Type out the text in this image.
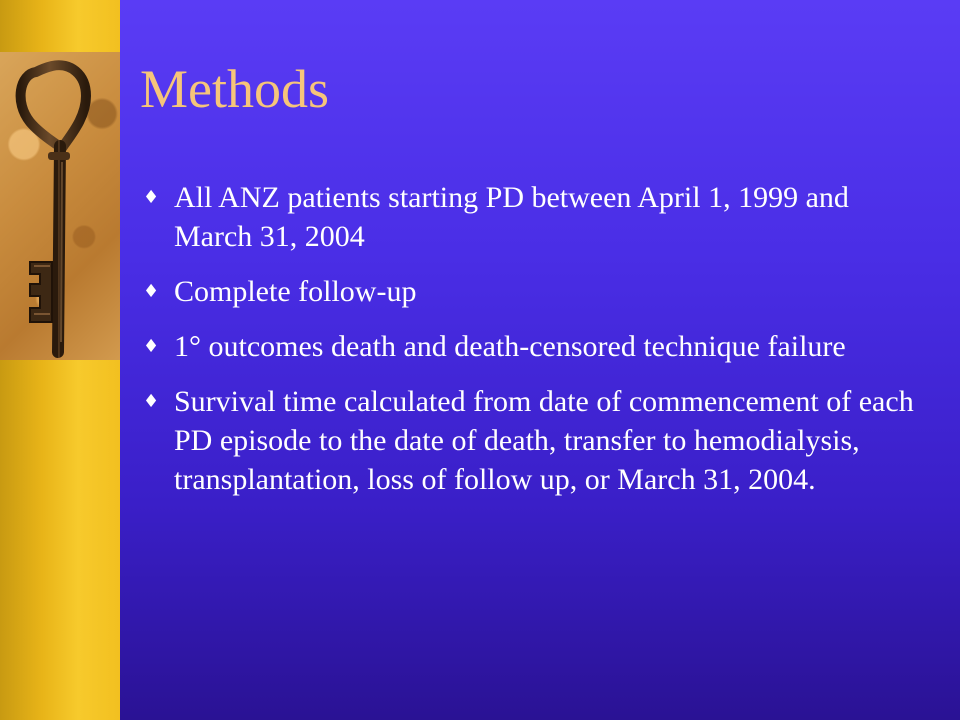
Methods
♦ All ANZ patients starting PD between April 1, 1999 and March 31, 2004
♦ Complete follow-up
♦ 1° outcomes death and death-censored technique failure
♦ Survival time calculated from date of commencement of each PD episode to the date of death, transfer to hemodialysis, transplantation, loss of follow up, or March 31, 2004.
